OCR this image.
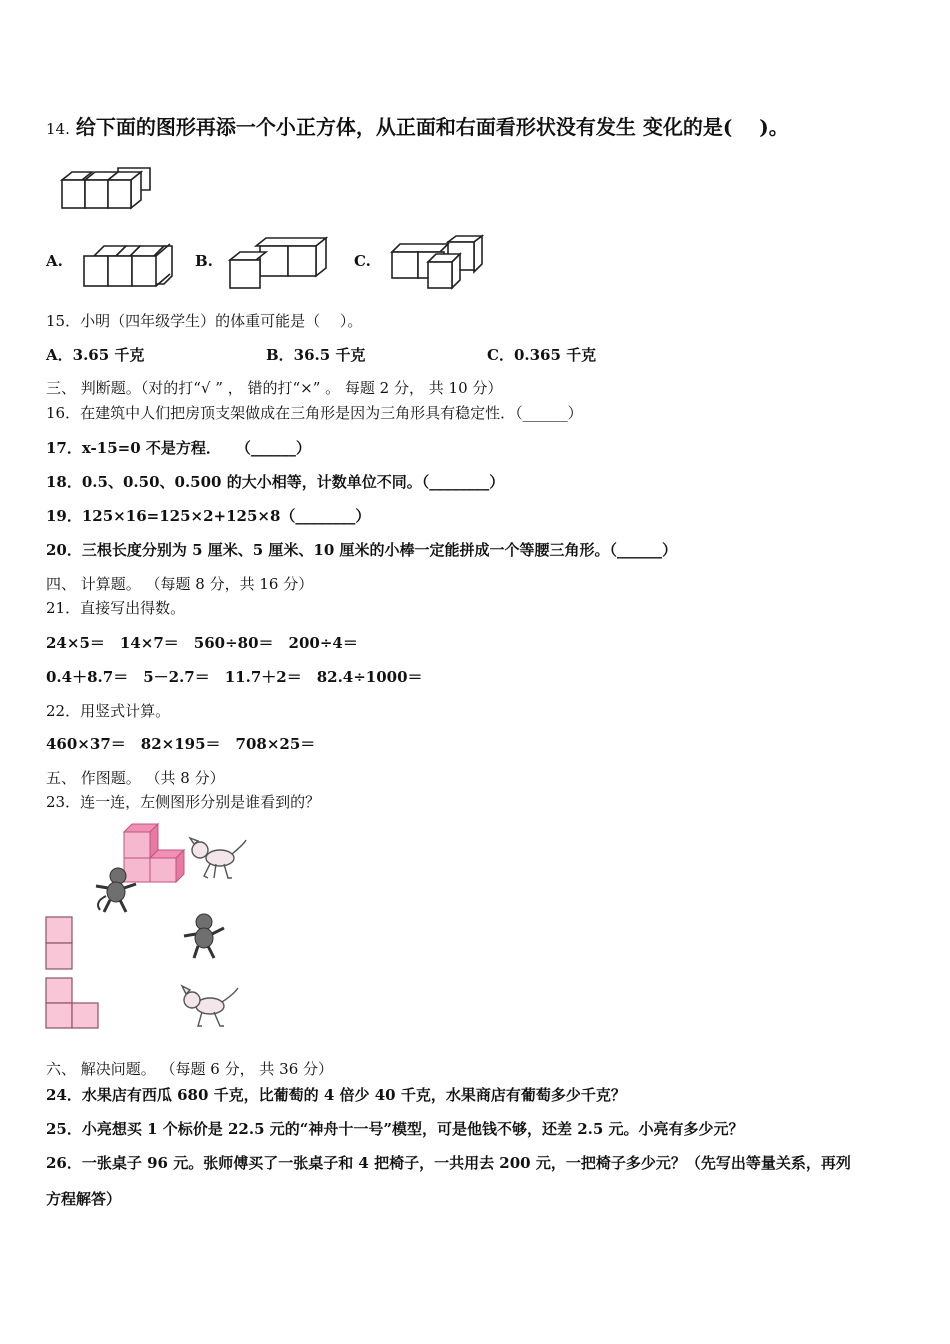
14. 给下面的图形再添一个小正方体，从正面和右面看形状没有发生 变化的是(　 )。
A.	B.	C.
15．小明（四年级学生）的体重可能是（　 ）。
A．3.65 千克	B．36.5 千克	C．0.365 千克
三、 判断题。（对的打“√ ” ， 错的打“×” 。 每题 2 分， 共 10 分）
16．在建筑中人们把房顶支架做成在三角形是因为三角形具有稳定性．（______）
17．x-15=0 不是方程．　　（______）
18．0.5、0.50、0.500 的大小相等，计数单位不同。（________）
19．125×16=125×2+125×8（________）
20．三根长度分别为 5 厘米、5 厘米、10 厘米的小棒一定能拼成一个等腰三角形。（______）
四、 计算题。 （每题 8 分，共 16 分）
21．直接写出得数。
24×5＝　14×7＝　560÷80＝　200÷4＝
0.4＋8.7＝　5－2.7＝　11.7＋2＝　82.4÷1000＝
22．用竖式计算。
460×37＝　82×195＝　708×25＝
五、 作图题。 （共 8 分）
23．连一连，左侧图形分别是谁看到的？
六、 解决问题。 （每题 6 分， 共 36 分）
24．水果店有西瓜 680 千克，比葡萄的 4 倍少 40 千克，水果商店有葡萄多少千克？
25．小亮想买 1 个标价是 22.5 元的“神舟十一号”模型，可是他钱不够，还差 2.5 元。小亮有多少元？
26．一张桌子 96 元。张师傅买了一张桌子和 4 把椅子，一共用去 200 元，一把椅子多少元？（先写出等量关系，再列
方程解答）
